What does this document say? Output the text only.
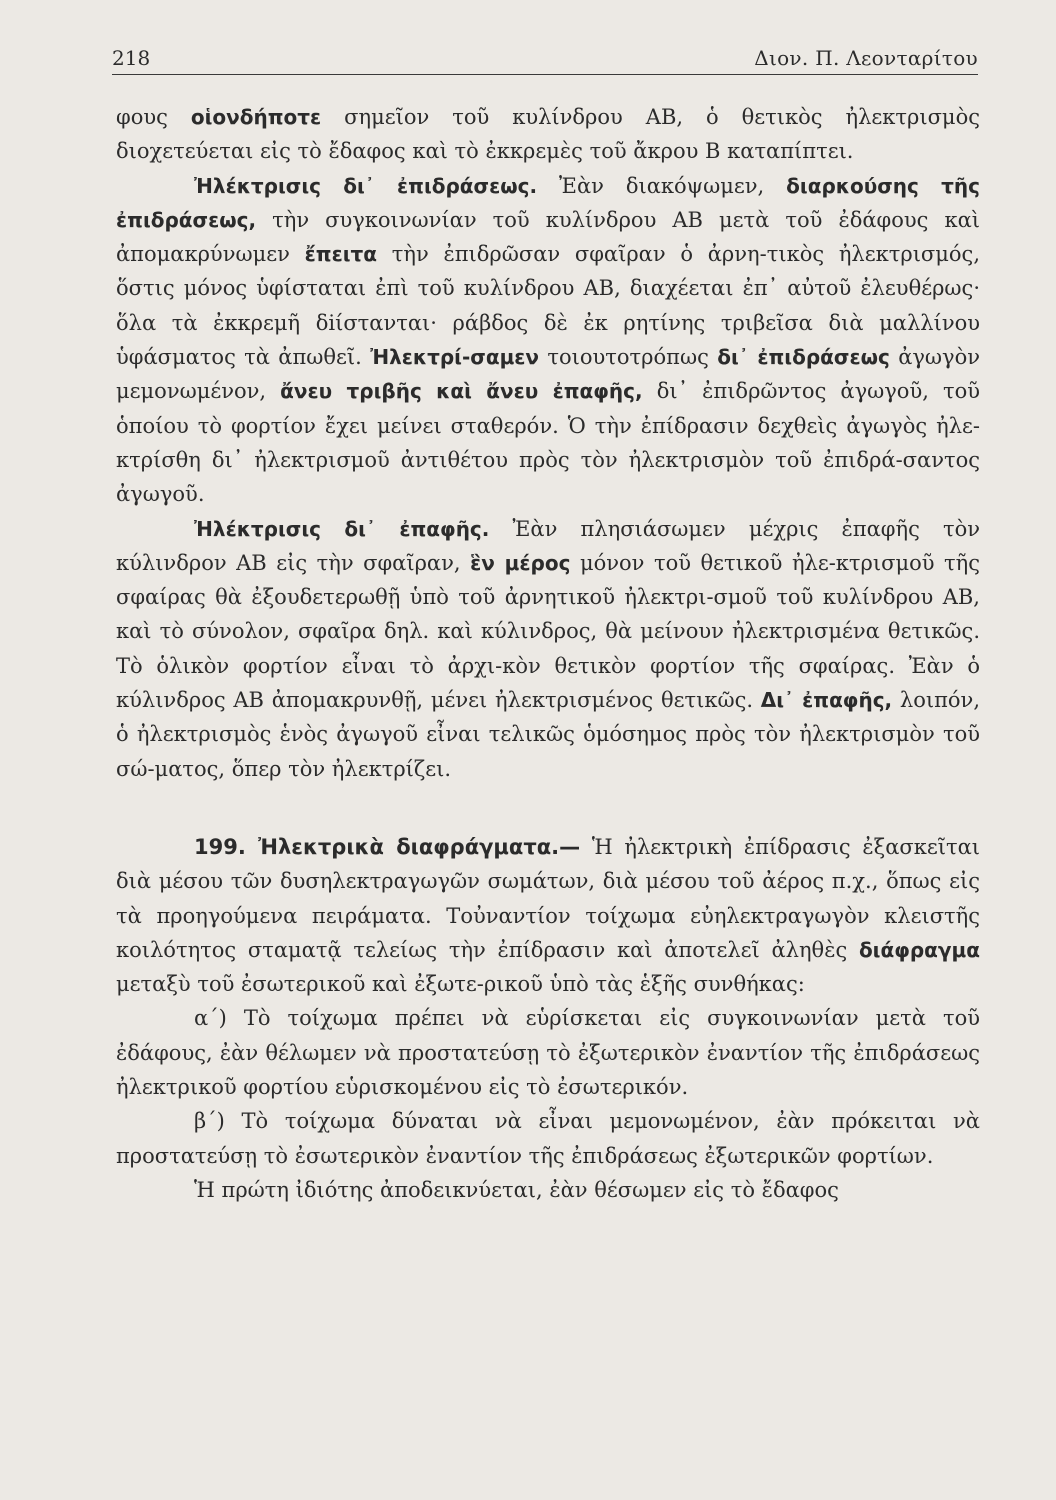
218	Διον. Π. Λεονταρίτου

φους οἱονδήποτε σημεῖον τοῦ κυλίνδρου ΑΒ, ὁ θετικὸς ἠλεκτρισμὸς διοχετεύεται εἰς τὸ ἔδαφος καὶ τὸ ἐκκρεμὲς τοῦ ἄκρου Β καταπίπτει.

Ἠλέκτρισις δι᾿ ἐπιδράσεως. Ἐὰν διακόψωμεν, διαρκούσης τῆς ἐπιδράσεως, τὴν συγκοινωνίαν τοῦ κυλίνδρου ΑΒ μετὰ τοῦ ἐδάφους καὶ ἀπομακρύνωμεν ἔπειτα τὴν ἐπιδρῶσαν σφαῖραν ὁ ἀρνη-τικὸς ἠλεκτρισμός, ὅστις μόνος ὑφίσταται ἐπὶ τοῦ κυλίνδρου ΑΒ, διαχέεται ἐπ᾿ αὐτοῦ ἐλευθέρως· ὅλα τὰ ἐκκρεμῆ δiίστανται· ράβδος δὲ ἐκ ρητίνης τριβεῖσα διὰ μαλλίνου ὑφάσματος τὰ ἀπωθεῖ. Ἠλεκτρί-σαμεν τοιουτοτρόπως δι᾿ ἐπιδράσεως ἀγωγὸν μεμονωμένον, ἄνευ τριβῆς καὶ ἄνευ ἐπαφῆς, δι᾿ ἐπιδρῶντος ἀγωγοῦ, τοῦ ὁποίου τὸ φορτίον ἔχει μείνει σταθερόν. Ὁ τὴν ἐπίδρασιν δεχθεὶς ἀγωγὸς ἠλε-κτρίσθη δι᾿ ἠλεκτρισμοῦ ἀντιθέτου πρὸς τὸν ἠλεκτρισμὸν τοῦ ἐπιδρά-σαντος ἀγωγοῦ.

Ἠλέκτρισις δι᾿ ἐπαφῆς. Ἐὰν πλησιάσωμεν μέχρις ἐπαφῆς τὸν κύλινδρον ΑΒ εἰς τὴν σφαῖραν, ἓν μέρος μόνον τοῦ θετικοῦ ἠλε-κτρισμοῦ τῆς σφαίρας θὰ ἐξουδετερωθῇ ὑπὸ τοῦ ἀρνητικοῦ ἠλεκτρι-σμοῦ τοῦ κυλίνδρου ΑΒ, καὶ τὸ σύνολον, σφαῖρα δηλ. καὶ κύλινδρος, θὰ μείνουν ἠλεκτρισμένα θετικῶς. Τὸ ὁλικὸν φορτίον εἶναι τὸ ἀρχι-κὸν θετικὸν φορτίον τῆς σφαίρας. Ἐὰν ὁ κύλινδρος ΑΒ ἀπομακρυνθῇ, μένει ἠλεκτρισμένος θετικῶς. Δι᾿ ἐπαφῆς, λοιπόν, ὁ ἠλεκτρισμὸς ἑνὸς ἀγωγοῦ εἶναι τελικῶς ὁμόσημος πρὸς τὸν ἠλεκτρισμὸν τοῦ σώ-ματος, ὅπερ τὸν ἠλεκτρίζει.

199. Ἠλεκτρικὰ διαφράγματα.— Ἡ ἠλεκτρικὴ ἐπίδρασις ἐξασκεῖται διὰ μέσου τῶν δυσηλεκτραγωγῶν σωμάτων, διὰ μέσου τοῦ ἀέρος π.χ., ὅπως εἰς τὰ προηγούμενα πειράματα. Τοὐναντίον τοίχωμα εὐηλεκτραγωγὸν κλειστῆς κοιλότητος σταματᾷ τελείως τὴν ἐπίδρασιν καὶ ἀποτελεῖ ἀληθὲς διάφραγμα μεταξὺ τοῦ ἐσωτερικοῦ καὶ ἐξωτε-ρικοῦ ὑπὸ τὰς ἑξῆς συνθήκας:

α´) Τὸ τοίχωμα πρέπει νὰ εὑρίσκεται εἰς συγκοινωνίαν μετὰ τοῦ ἐδάφους, ἐὰν θέλωμεν νὰ προστατεύσῃ τὸ ἐξωτερικὸν ἐναντίον τῆς ἐπιδράσεως ἠλεκτρικοῦ φορτίου εὑρισκομένου εἰς τὸ ἐσωτερικόν.

β´) Τὸ τοίχωμα δύναται νὰ εἶναι μεμονωμένον, ἐὰν πρόκειται νὰ προστατεύσῃ τὸ ἐσωτερικὸν ἐναντίον τῆς ἐπιδράσεως ἐξωτερικῶν φορτίων.

Ἡ πρώτη ἰδιότης ἀποδεικνύεται, ἐὰν θέσωμεν εἰς τὸ ἔδαφος
